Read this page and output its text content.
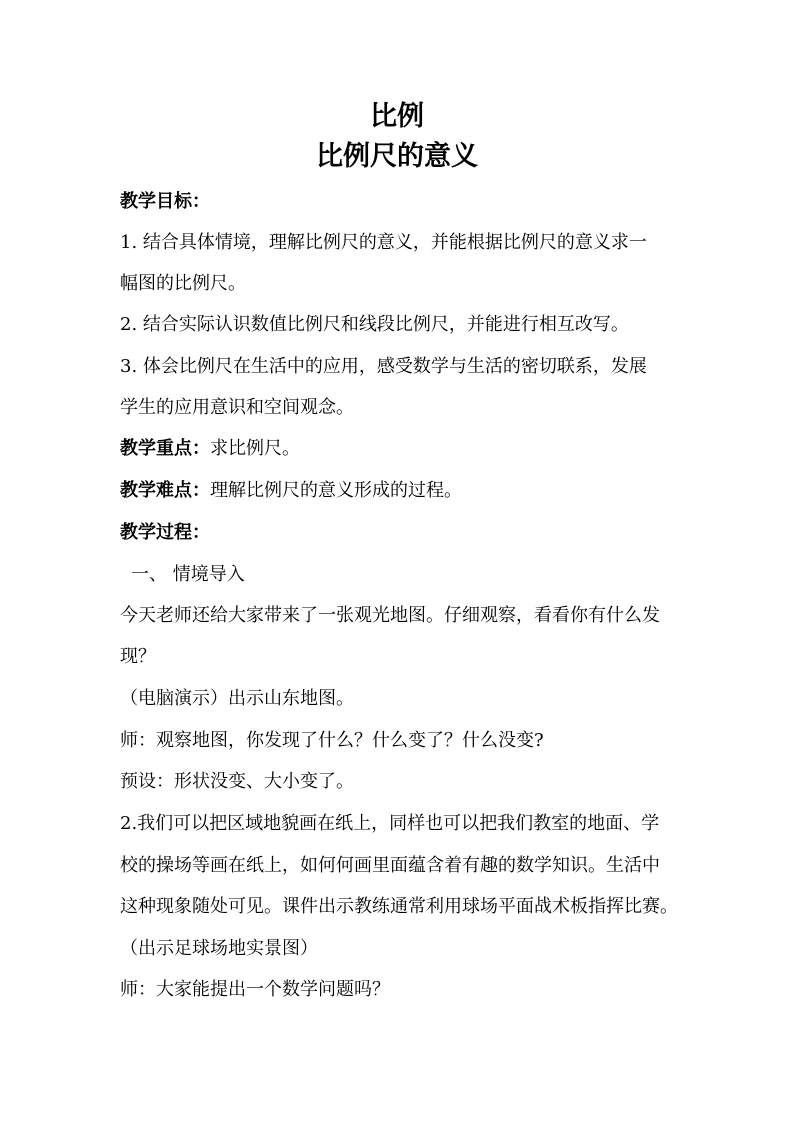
比例
比例尺的意义
教学目标：
1. 结合具体情境，理解比例尺的意义，并能根据比例尺的意义求一
幅图的比例尺。
2. 结合实际认识数值比例尺和线段比例尺，并能进行相互改写。
3. 体会比例尺在生活中的应用，感受数学与生活的密切联系，发展
学生的应用意识和空间观念。
教学重点：求比例尺。
教学难点：理解比例尺的意义形成的过程。
教学过程：
一、 情境导入
今天老师还给大家带来了一张观光地图。仔细观察，看看你有什么发
现？
（电脑演示）出示山东地图。
师：观察地图，你发现了什么？什么变了？什么没变?
预设：形状没变、大小变了。
2.我们可以把区域地貌画在纸上，同样也可以把我们教室的地面、学
校的操场等画在纸上，如何何画里面蕴含着有趣的数学知识。生活中
这种现象随处可见。课件出示教练通常利用球场平面战术板指挥比赛。
（出示足球场地实景图）
师：大家能提出一个数学问题吗？
